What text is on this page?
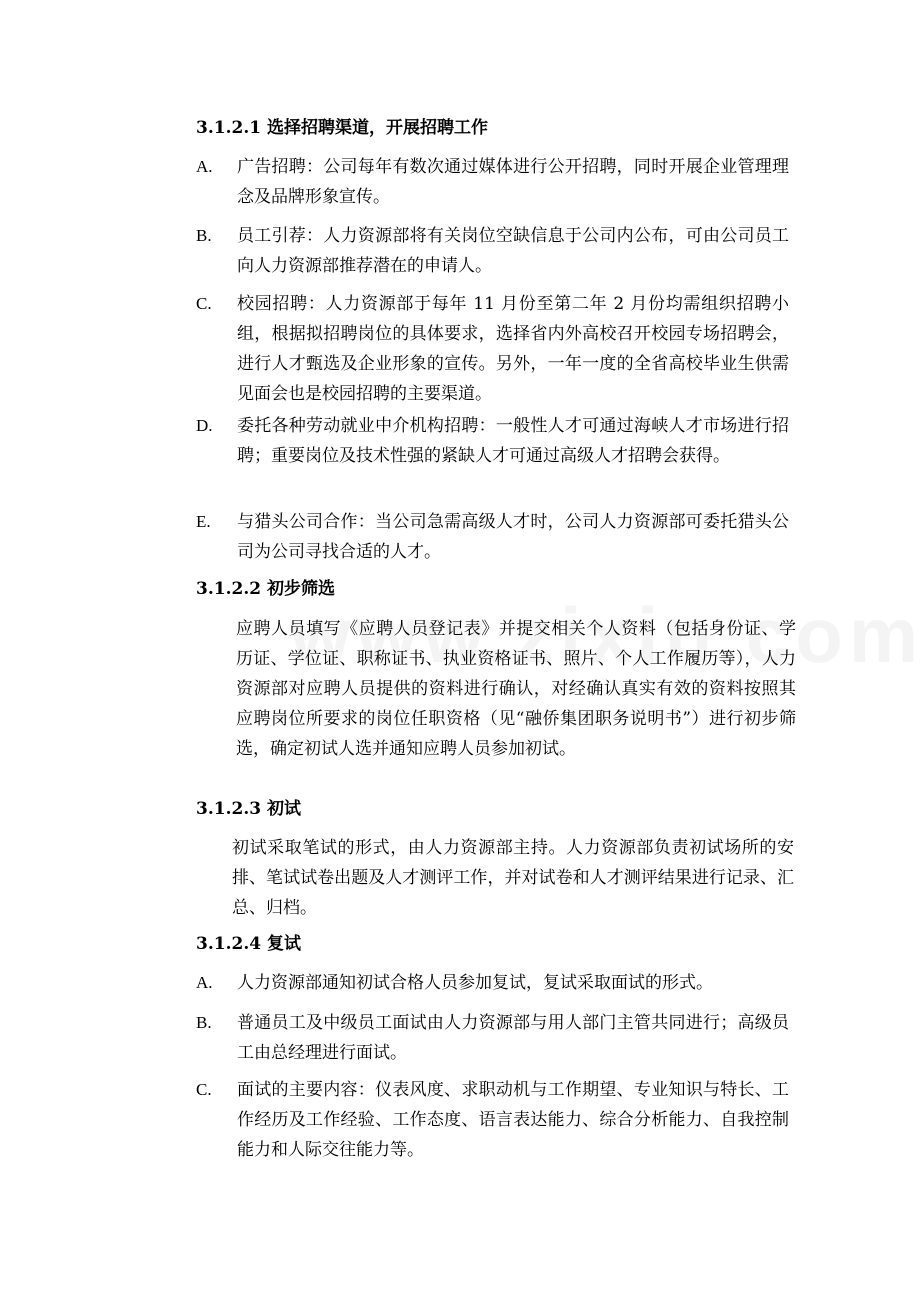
3.1.2.1 选择招聘渠道，开展招聘工作
A.	广告招聘：公司每年有数次通过媒体进行公开招聘，同时开展企业管理理念及品牌形象宣传。
B.	员工引荐：人力资源部将有关岗位空缺信息于公司内公布，可由公司员工向人力资源部推荐潜在的申请人。
C.	校园招聘：人力资源部于每年 11 月份至第二年 2 月份均需组织招聘小组，根据拟招聘岗位的具体要求，选择省内外高校召开校园专场招聘会，进行人才甄选及企业形象的宣传。另外，一年一度的全省高校毕业生供需见面会也是校园招聘的主要渠道。
D.	委托各种劳动就业中介机构招聘：一般性人才可通过海峡人才市场进行招聘；重要岗位及技术性强的紧缺人才可通过高级人才招聘会获得。
E.	与猎头公司合作：当公司急需高级人才时，公司人力资源部可委托猎头公司为公司寻找合适的人才。
3.1.2.2 初步筛选
应聘人员填写《应聘人员登记表》并提交相关个人资料（包括身份证、学历证、学位证、职称证书、执业资格证书、照片、个人工作履历等），人力资源部对应聘人员提供的资料进行确认，对经确认真实有效的资料按照其应聘岗位所要求的岗位任职资格（见“融侨集团职务说明书”）进行初步筛选，确定初试人选并通知应聘人员参加初试。
3.1.2.3 初试
初试采取笔试的形式，由人力资源部主持。人力资源部负责初试场所的安排、笔试试卷出题及人才测评工作，并对试卷和人才测评结果进行记录、汇总、归档。
3.1.2.4 复试
A.	人力资源部通知初试合格人员参加复试，复试采取面试的形式。
B.	普通员工及中级员工面试由人力资源部与用人部门主管共同进行；高级员工由总经理进行面试。
C.	面试的主要内容：仪表风度、求职动机与工作期望、专业知识与特长、工作经历及工作经验、工作态度、语言表达能力、综合分析能力、自我控制能力和人际交往能力等。
